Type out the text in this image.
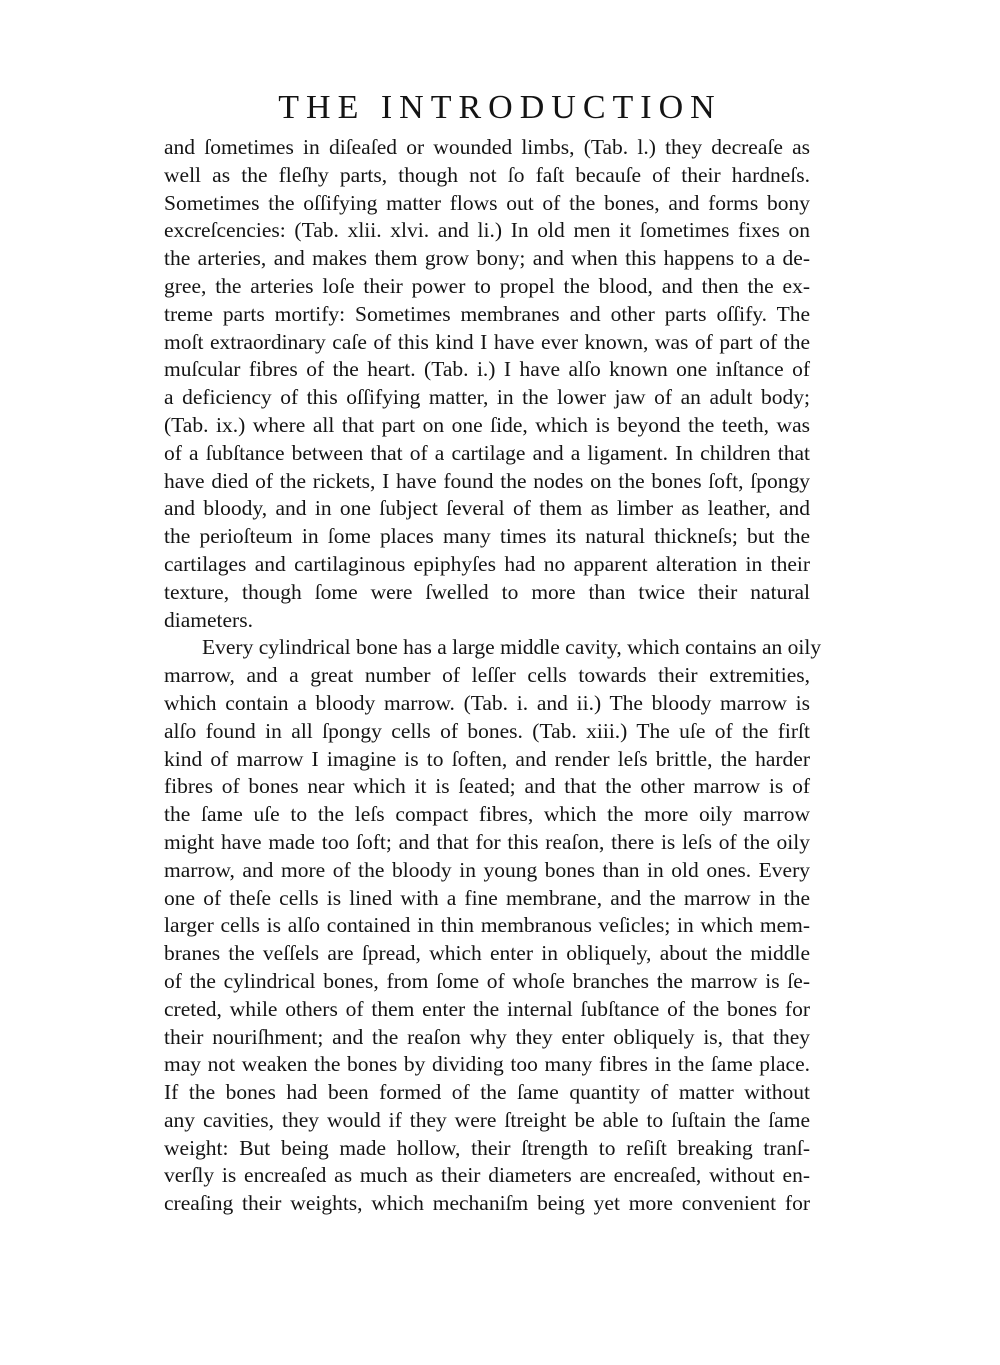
THE INTRODUCTION
and ſometimes in diſeaſed or wounded limbs, (Tab. l.) they decreaſe as
well as the fleſhy parts, though not ſo faſt becauſe of their hardneſs.
Sometimes the oſſifying matter flows out of the bones, and forms bony
excreſcencies: (Tab. xlii. xlvi. and li.) In old men it ſometimes fixes on
the arteries, and makes them grow bony; and when this happens to a de-
gree, the arteries loſe their power to propel the blood, and then the ex-
treme parts mortify: Sometimes membranes and other parts oſſify. The
moſt extraordinary caſe of this kind I have ever known, was of part of the
muſcular fibres of the heart. (Tab. i.) I have alſo known one inſtance of
a deficiency of this oſſifying matter, in the lower jaw of an adult body;
(Tab. ix.) where all that part on one ſide, which is beyond the teeth, was
of a ſubſtance between that of a cartilage and a ligament. In children that
have died of the rickets, I have found the nodes on the bones ſoft, ſpongy
and bloody, and in one ſubject ſeveral of them as limber as leather, and
the perioſteum in ſome places many times its natural thickneſs; but the
cartilages and cartilaginous epiphyſes had no apparent alteration in their
texture, though ſome were ſwelled to more than twice their natural
diameters.
Every cylindrical bone has a large middle cavity, which contains an oily
marrow, and a great number of leſſer cells towards their extremities,
which contain a bloody marrow. (Tab. i. and ii.) The bloody marrow is
alſo found in all ſpongy cells of bones. (Tab. xiii.) The uſe of the firſt
kind of marrow I imagine is to ſoften, and render leſs brittle, the harder
fibres of bones near which it is ſeated; and that the other marrow is of
the ſame uſe to the leſs compact fibres, which the more oily marrow
might have made too ſoft; and that for this reaſon, there is leſs of the oily
marrow, and more of the bloody in young bones than in old ones. Every
one of theſe cells is lined with a fine membrane, and the marrow in the
larger cells is alſo contained in thin membranous veſicles; in which mem-
branes the veſſels are ſpread, which enter in obliquely, about the middle
of the cylindrical bones, from ſome of whoſe branches the marrow is ſe-
creted, while others of them enter the internal ſubſtance of the bones for
their nouriſhment; and the reaſon why they enter obliquely is, that they
may not weaken the bones by dividing too many fibres in the ſame place.
If the bones had been formed of the ſame quantity of matter without
any cavities, they would if they were ſtreight be able to ſuſtain the ſame
weight: But being made hollow, their ſtrength to reſiſt breaking tranſ-
verſly is encreaſed as much as their diameters are encreaſed, without en-
creaſing their weights, which mechaniſm being yet more convenient for
